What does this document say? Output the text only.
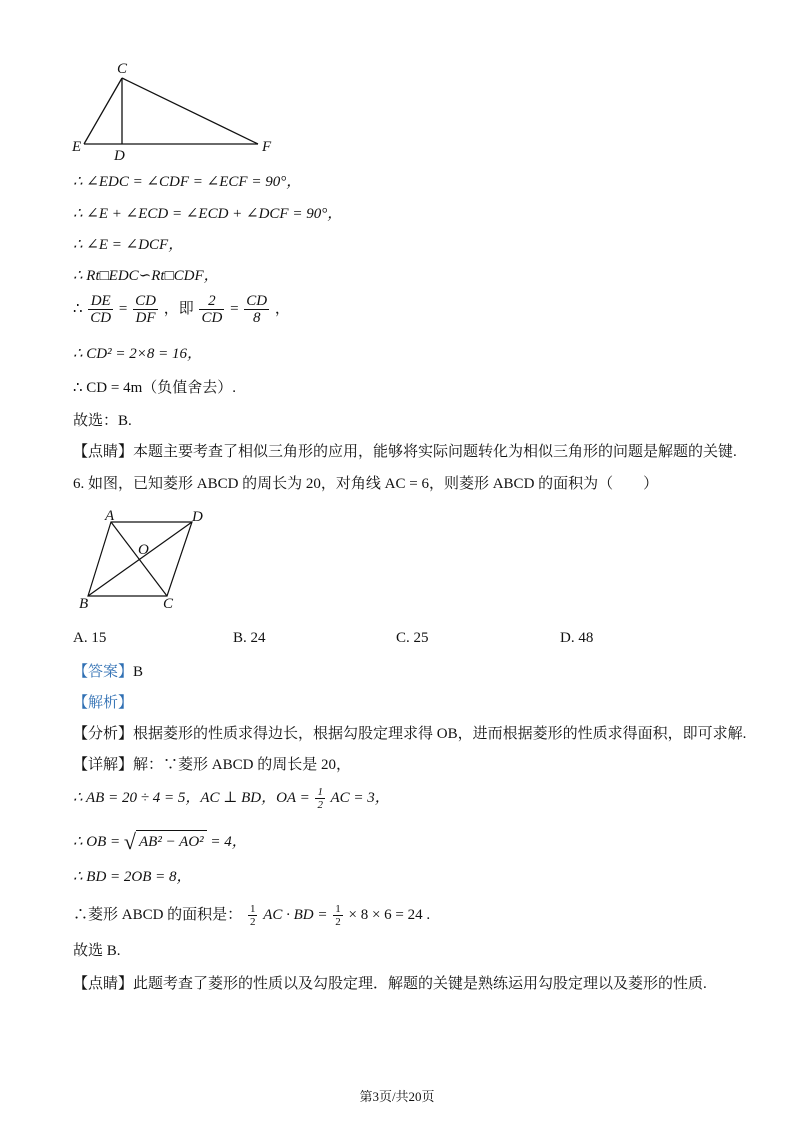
C
E
D
F
∴ ∠EDC = ∠CDF = ∠ECF = 90°，
∴ ∠E + ∠ECD = ∠ECD + ∠DCF = 90°，
∴ ∠E = ∠DCF，
∴ Rt□EDC∽Rt□CDF，
∴ $\frac{DE}{CD} = \frac{CD}{DF}$ ，即 $\frac{2}{CD} = \frac{CD}{8}$ ，
∴ CD² = 2×8 = 16，
∴ CD = 4m（负值舍去）.
故选：B.
【点睛】本题主要考查了相似三角形的应用，能够将实际问题转化为相似三角形的问题是解题的关键.
6. 如图，已知菱形 ABCD 的周长为 20，对角线 AC = 6，则菱形 ABCD 的面积为（　　）
A	D
O
B	C
A. 15	B. 24	C. 25	D. 48
【答案】B
【解析】
【分析】根据菱形的性质求得边长，根据勾股定理求得 OB，进而根据菱形的性质求得面积，即可求解.
【详解】解：∵菱形 ABCD 的周长是 20，
∴ AB = 20 ÷ 4 = 5，AC ⊥ BD，OA = $\frac{1}{2}$ AC = 3，
∴ OB = √ AB² − AO² = 4，
∴ BD = 2OB = 8，
∴菱形 ABCD 的面积是： $\frac{1}{2}$ AC · BD = $\frac{1}{2} \times 8 \times 6 = 24$ .
故选 B.
【点睛】此题考查了菱形的性质以及勾股定理．解题的关键是熟练运用勾股定理以及菱形的性质.
第3页/共20页
